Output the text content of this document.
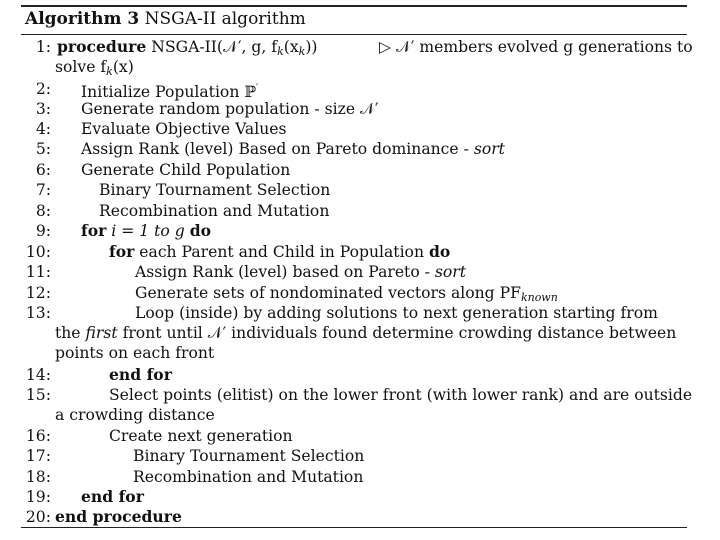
Algorithm 3 NSGA-II algorithm
1: procedure NSGA-II(𝒩′, g, $f_k(x_k)$)	▷ 𝒩′ members evolved g generations to
solve $f_k(x)$
2: Initialize Population ℙ′
3: Generate random population - size 𝒩′
4: Evaluate Objective Values
5: Assign Rank (level) Based on Pareto dominance - sort
6: Generate Child Population
7:	Binary Tournament Selection
8:	Recombination and Mutation
9: for i = 1 to g do
10:	for each Parent and Child in Population do
11:	Assign Rank (level) based on Pareto - sort
12:	Generate sets of nondominated vectors along $PF_{known}$
13:	Loop (inside) by adding solutions to next generation starting from
the first front until 𝒩′ individuals found determine crowding distance between
points on each front
14:	end for
15:	Select points (elitist) on the lower front (with lower rank) and are outside
a crowding distance
16:	Create next generation
17:	Binary Tournament Selection
18:	Recombination and Mutation
19: end for
20: end procedure
